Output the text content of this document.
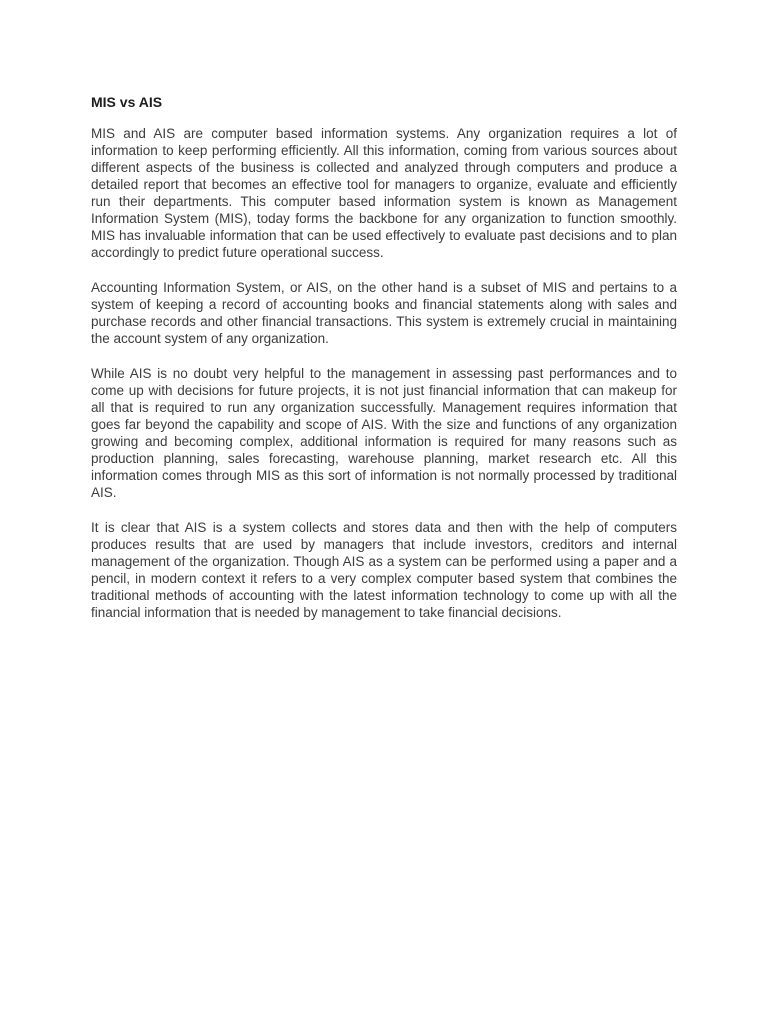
MIS vs AIS

MIS and AIS are computer based information systems. Any organization requires a lot of information to keep performing efficiently. All this information, coming from various sources about different aspects of the business is collected and analyzed through computers and produce a detailed report that becomes an effective tool for managers to organize, evaluate and efficiently run their departments. This computer based information system is known as Management Information System (MIS), today forms the backbone for any organization to function smoothly. MIS has invaluable information that can be used effectively to evaluate past decisions and to plan accordingly to predict future operational success.

Accounting Information System, or AIS, on the other hand is a subset of MIS and pertains to a system of keeping a record of accounting books and financial statements along with sales and purchase records and other financial transactions. This system is extremely crucial in maintaining the account system of any organization.

While AIS is no doubt very helpful to the management in assessing past performances and to come up with decisions for future projects, it is not just financial information that can makeup for all that is required to run any organization successfully. Management requires information that goes far beyond the capability and scope of AIS. With the size and functions of any organization growing and becoming complex, additional information is required for many reasons such as production planning, sales forecasting, warehouse planning, market research etc. All this information comes through MIS as this sort of information is not normally processed by traditional AIS.

It is clear that AIS is a system collects and stores data and then with the help of computers produces results that are used by managers that include investors, creditors and internal management of the organization. Though AIS as a system can be performed using a paper and a pencil, in modern context it refers to a very complex computer based system that combines the traditional methods of accounting with the latest information technology to come up with all the financial information that is needed by management to take financial decisions.
